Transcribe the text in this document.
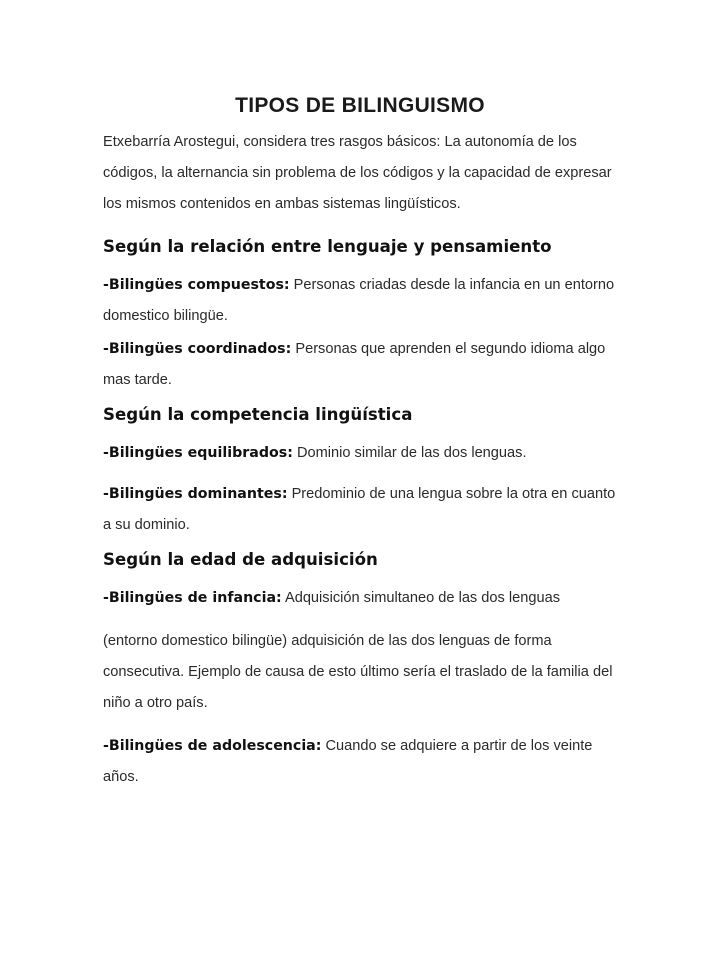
TIPOS DE BILINGUISMO

Etxebarría Arostegui, considera tres rasgos básicos: La autonomía de los códigos, la alternancia sin problema de los códigos y la capacidad de expresar los mismos contenidos en ambas sistemas lingüísticos.

Según la relación entre lenguaje y pensamiento

-Bilingües compuestos: Personas criadas desde la infancia en un entorno domestico bilingüe.

-Bilingües coordinados: Personas que aprenden el segundo idioma algo mas tarde.

Según la competencia lingüística

-Bilingües equilibrados: Dominio similar de las dos lenguas.

-Bilingües dominantes: Predominio de una lengua sobre la otra en cuanto a su dominio.

Según la edad de adquisición

-Bilingües de infancia: Adquisición simultaneo de las dos lenguas

(entorno domestico bilingüe) adquisición de las dos lenguas de forma consecutiva. Ejemplo de causa de esto último sería el traslado de la familia del niño a otro país.

-Bilingües de adolescencia: Cuando se adquiere a partir de los veinte años.
